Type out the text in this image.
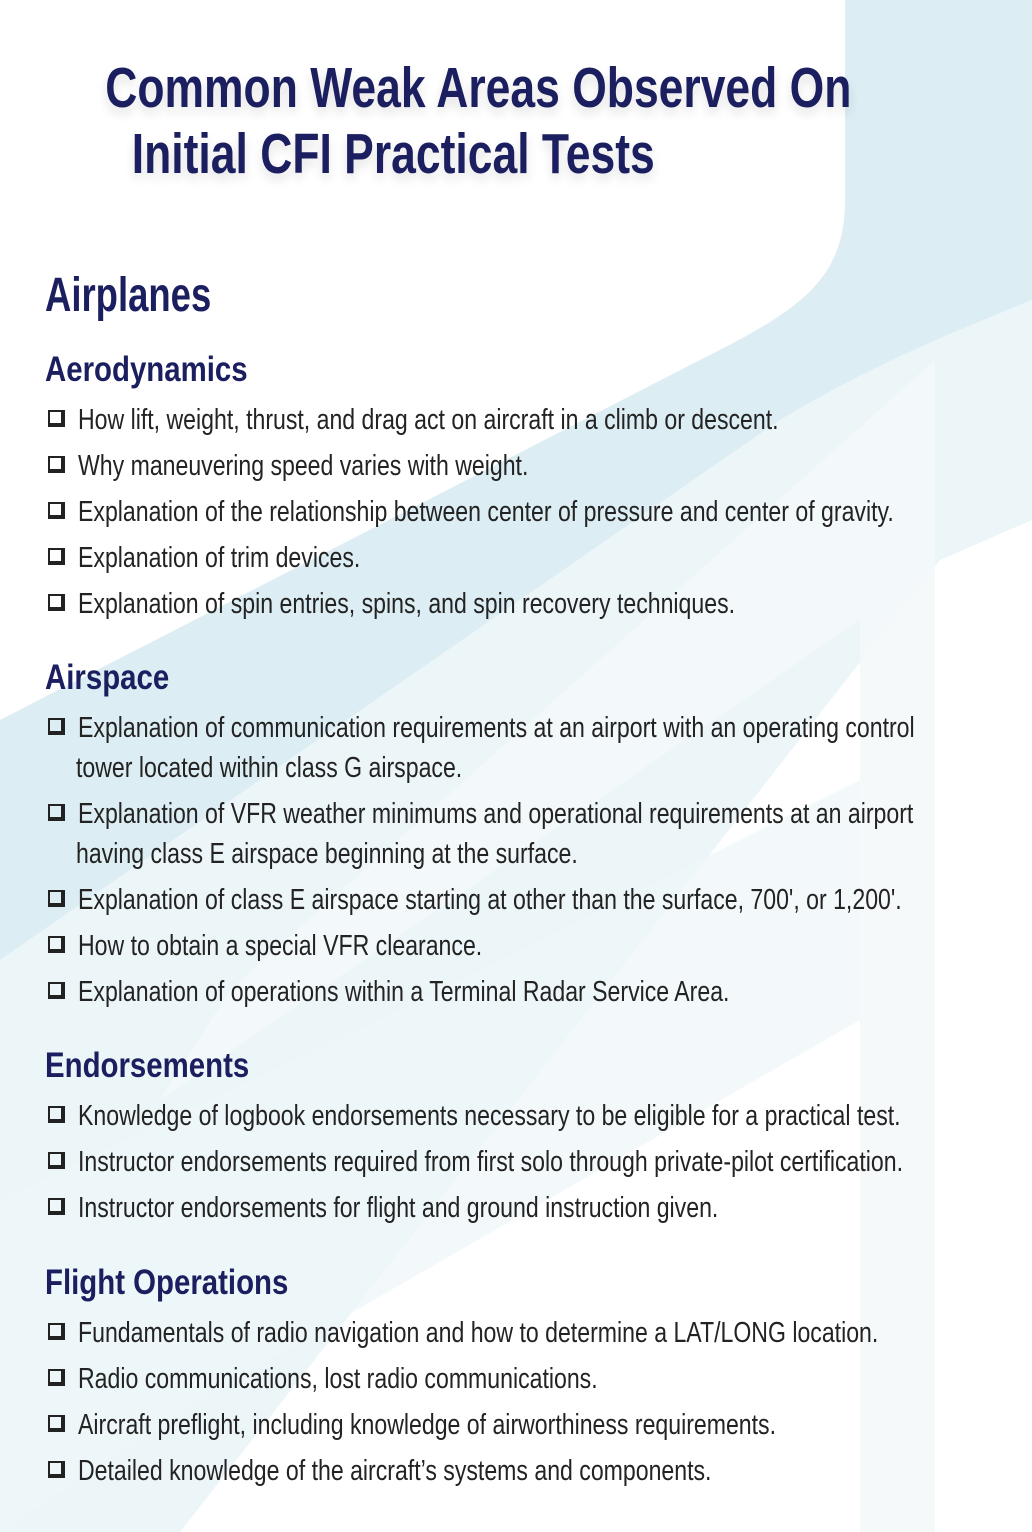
Common Weak Areas Observed On
Initial CFI Practical Tests
Airplanes
Aerodynamics
How lift, weight, thrust, and drag act on aircraft in a climb or descent.
Why maneuvering speed varies with weight.
Explanation of the relationship between center of pressure and center of gravity.
Explanation of trim devices.
Explanation of spin entries, spins, and spin recovery techniques.
Airspace
Explanation of communication requirements at an airport with an operating control
tower located within class G airspace.
Explanation of VFR weather minimums and operational requirements at an airport
having class E airspace beginning at the surface.
Explanation of class E airspace starting at other than the surface, 700', or 1,200'.
How to obtain a special VFR clearance.
Explanation of operations within a Terminal Radar Service Area.
Endorsements
Knowledge of logbook endorsements necessary to be eligible for a practical test.
Instructor endorsements required from first solo through private-pilot certification.
Instructor endorsements for flight and ground instruction given.
Flight Operations
Fundamentals of radio navigation and how to determine a LAT/LONG location.
Radio communications, lost radio communications.
Aircraft preflight, including knowledge of airworthiness requirements.
Detailed knowledge of the aircraft’s systems and components.
